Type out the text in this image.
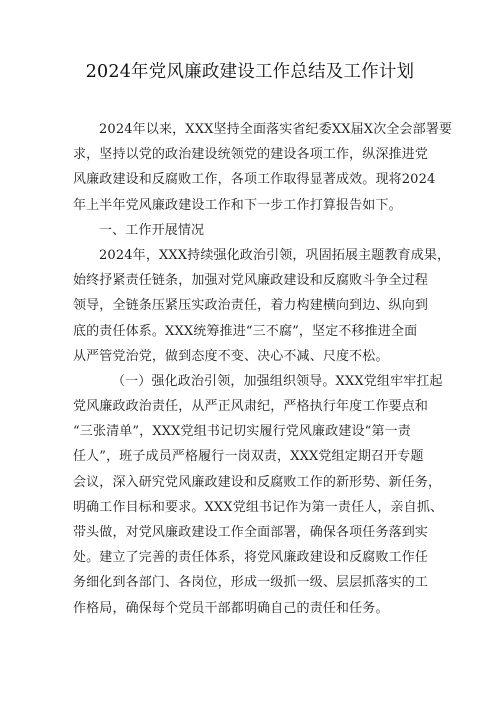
2024年党风廉政建设工作总结及工作计划
2024年以来，XXX坚持全面落实省纪委XX届X次全会部署要
求，坚持以党的政治建设统领党的建设各项工作，纵深推进党
风廉政建设和反腐败工作，各项工作取得显著成效。现将2024
年上半年党风廉政建设工作和下一步工作打算报告如下。
一、工作开展情况
2024年，XXX持续强化政治引领，巩固拓展主题教育成果，
始终抒紧责任链条，加强对党风廉政建设和反腐败斗争全过程
领导，全链条压紧压实政治责任，着力构建横向到边、纵向到
底的责任体系。XXX统筹推进“三不腐”，坚定不移推进全面
从严管党治党，做到态度不变、决心不减、尺度不松。
（一）强化政治引领，加强组织领导。XXX党组牢牢扛起
党风廉政政治责任，从严正风肃纪，严格执行年度工作要点和
“三张清单”，XXX党组书记切实履行党风廉政建设“第一责
任人”，班子成员严格履行一岗双责，XXX党组定期召开专题
会议，深入研究党风廉政建设和反腐败工作的新形势、新任务，
明确工作目标和要求。XXX党组书记作为第一责任人，亲自抓、
带头做，对党风廉政建设工作全面部署，确保各项任务落到实
处。建立了完善的责任体系，将党风廉政建设和反腐败工作任
务细化到各部门、各岗位，形成一级抓一级、层层抓落实的工
作格局，确保每个党员干部都明确自己的责任和任务。
